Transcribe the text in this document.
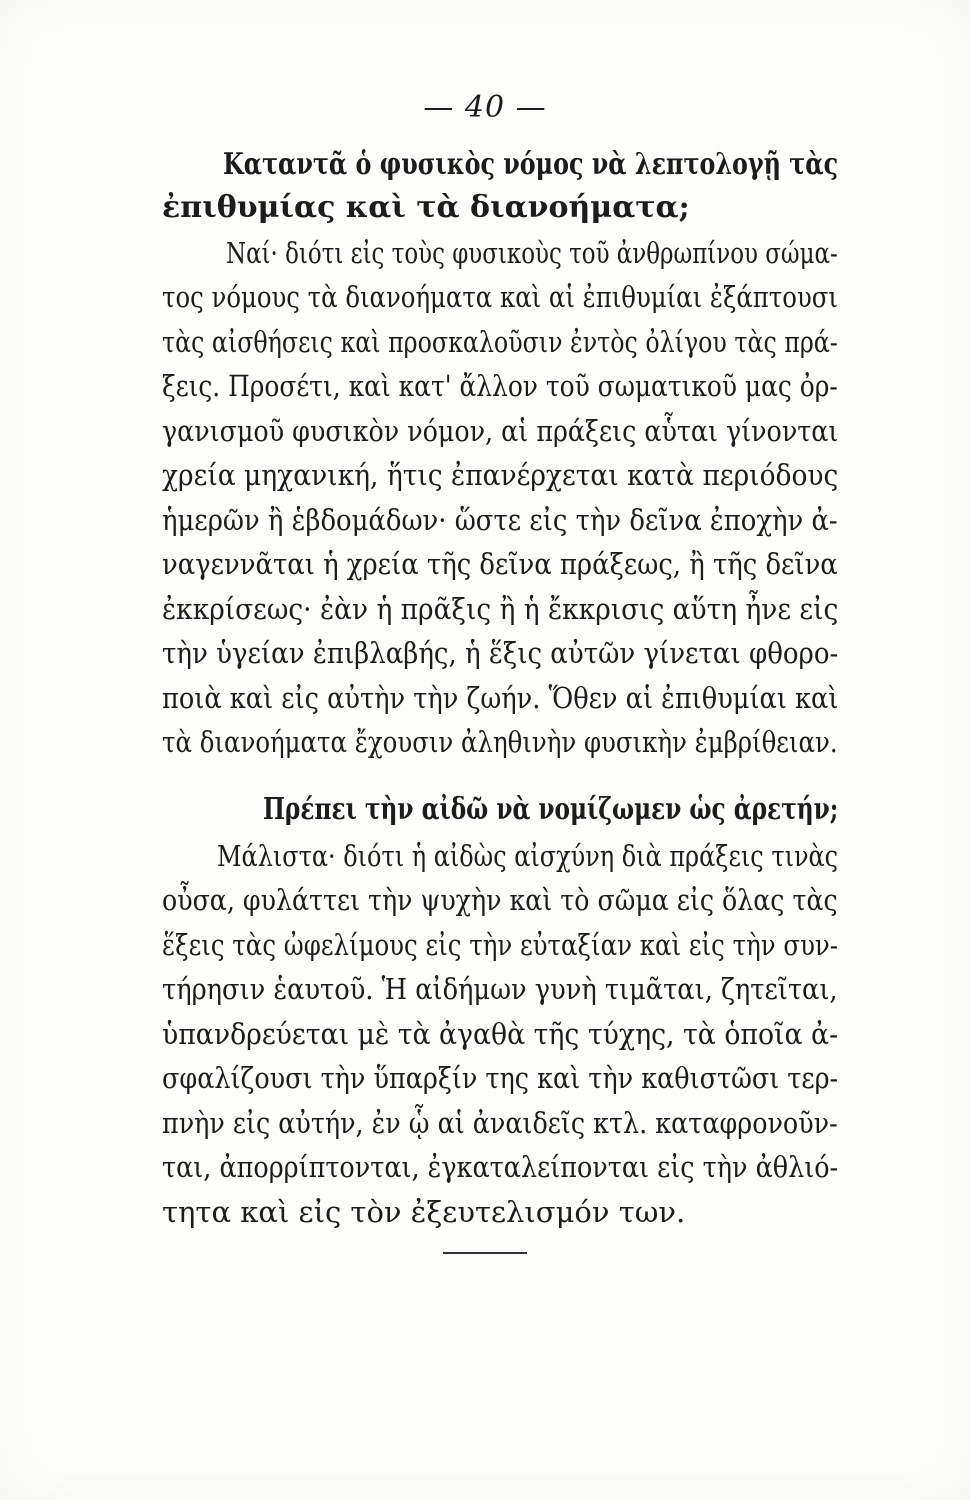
— 40 —
Καταντᾶ ὁ φυσικὸς νόμος νὰ λεπτολογῇ τὰς
ἐπιθυμίας καὶ τὰ διανοήματα;
Ναί· διότι εἰς τοὺς φυσικοὺς τοῦ ἀνθρωπίνου σώμα-
τος νόμους τὰ διανοήματα καὶ αἱ ἐπιθυμίαι ἐξάπτουσι
τὰς αἰσθήσεις καὶ προσκαλοῦσιν ἐντὸς ὀλίγου τὰς πρά-
ξεις. Προσέτι, καὶ κατ' ἄλλον τοῦ σωματικοῦ μας ὀρ-
γανισμοῦ φυσικὸν νόμον, αἱ πράξεις αὗται γίνονται
χρεία μηχανική, ἥτις ἐπανέρχεται κατὰ περιόδους
ἡμερῶν ἢ ἑβδομάδων· ὥστε εἰς τὴν δεῖνα ἐποχὴν ἀ-
ναγεννᾶται ἡ χρεία τῆς δεῖνα πράξεως, ἢ τῆς δεῖνα
ἐκκρίσεως· ἐὰν ἡ πρᾶξις ἢ ἡ ἔκκρισις αὕτη ἦνε εἰς
τὴν ὑγείαν ἐπιβλαβής, ἡ ἕξις αὐτῶν γίνεται φθορο-
ποιὰ καὶ εἰς αὐτὴν τὴν ζωήν. Ὅθεν αἱ ἐπιθυμίαι καὶ
τὰ διανοήματα ἔχουσιν ἀληθινὴν φυσικὴν ἐμβρίθειαν.
Πρέπει τὴν αἰδῶ νὰ νομίζωμεν ὡς ἀρετήν;
Μάλιστα· διότι ἡ αἰδὼς αἰσχύνη διὰ πράξεις τινὰς
οὖσα, φυλάττει τὴν ψυχὴν καὶ τὸ σῶμα εἰς ὅλας τὰς
ἕξεις τὰς ὠφελίμους εἰς τὴν εὐταξίαν καὶ εἰς τὴν συν-
τήρησιν ἑαυτοῦ. Ἡ αἰδήμων γυνὴ τιμᾶται, ζητεῖται,
ὑπανδρεύεται μὲ τὰ ἀγαθὰ τῆς τύχης, τὰ ὁποῖα ἀ-
σφαλίζουσι τὴν ὕπαρξίν της καὶ τὴν καθιστῶσι τερ-
πνὴν εἰς αὐτήν, ἐν ᾧ αἱ ἀναιδεῖς κτλ. καταφρονοῦν-
ται, ἀπορρίπτονται, ἐγκαταλείπονται εἰς τὴν ἀθλιό-
τητα καὶ εἰς τὸν ἐξευτελισμόν των.
